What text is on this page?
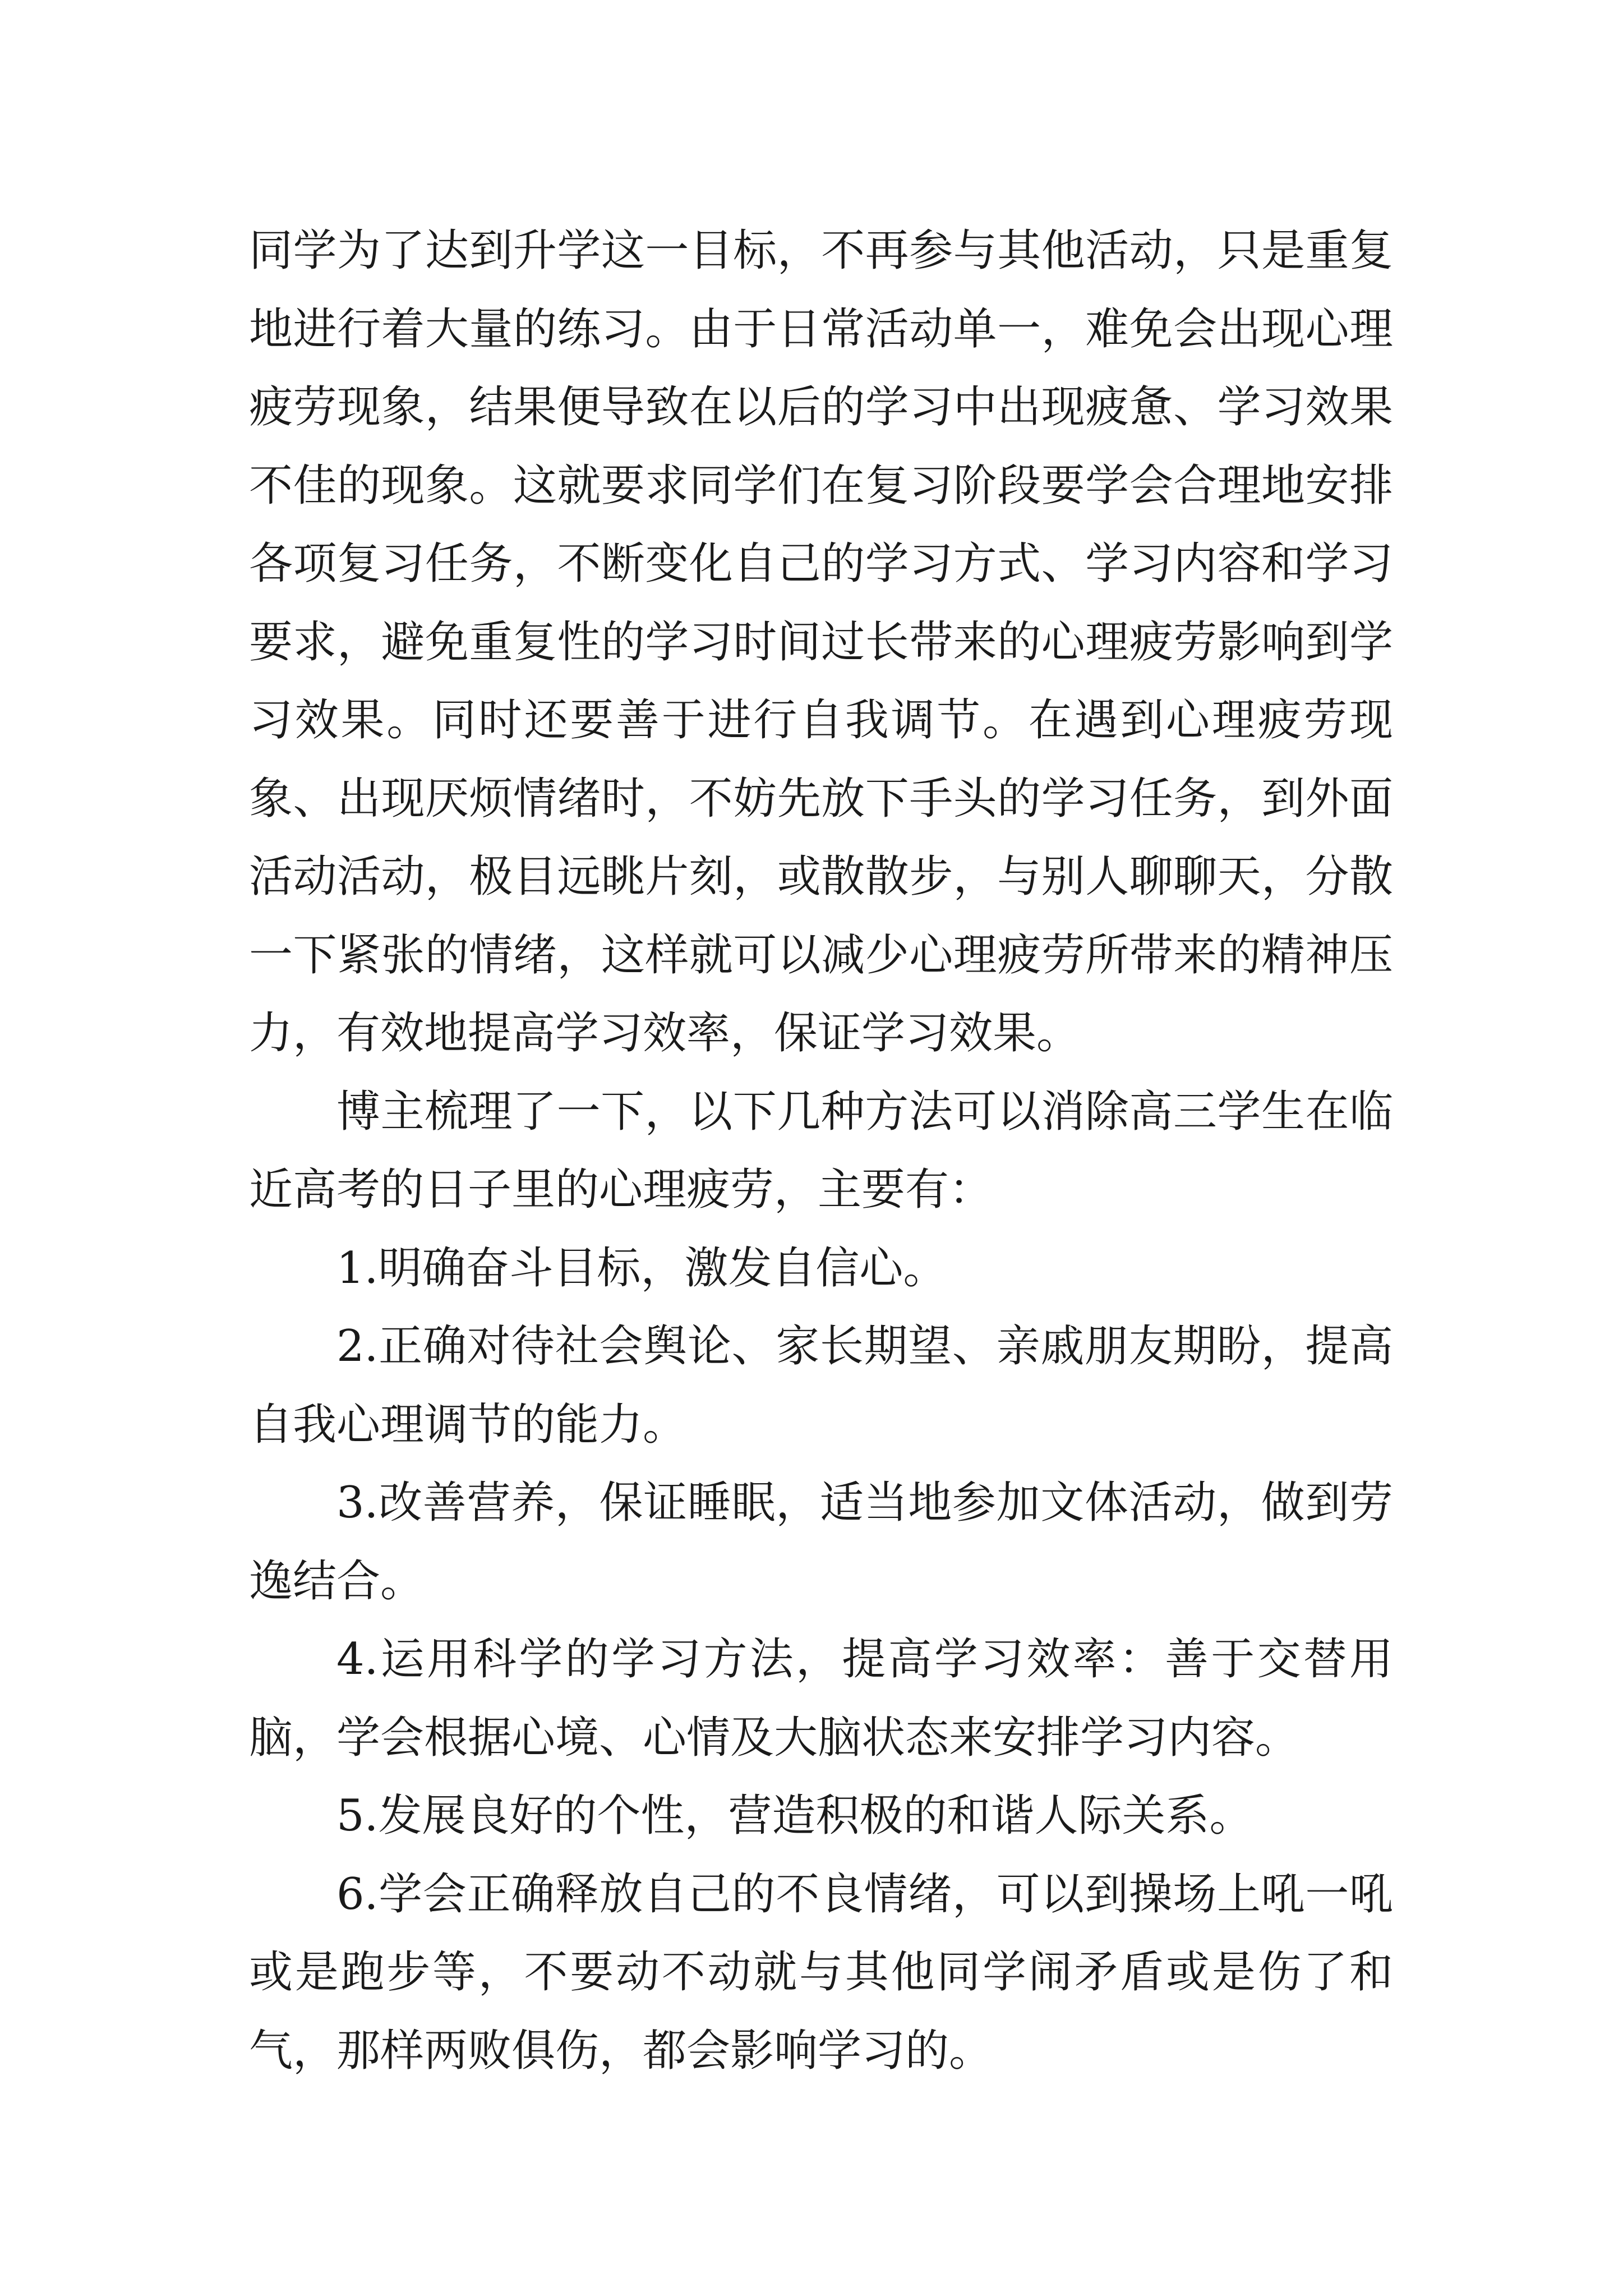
同学为了达到升学这一目标，不再参与其他活动，只是重复地进行着大量的练习。由于日常活动单一，难免会出现心理疲劳现象，结果便导致在以后的学习中出现疲惫、学习效果不佳的现象。这就要求同学们在复习阶段要学会合理地安排各项复习任务，不断变化自己的学习方式、学习内容和学习要求，避免重复性的学习时间过长带来的心理疲劳影响到学习效果。同时还要善于进行自我调节。在遇到心理疲劳现象、出现厌烦情绪时，不妨先放下手头的学习任务，到外面活动活动，极目远眺片刻，或散散步，与别人聊聊天，分散一下紧张的情绪，这样就可以减少心理疲劳所带来的精神压力，有效地提高学习效率，保证学习效果。

博主梳理了一下，以下几种方法可以消除高三学生在临近高考的日子里的心理疲劳，主要有：

1.明确奋斗目标，激发自信心。

2.正确对待社会舆论、家长期望、亲戚朋友期盼，提高自我心理调节的能力。

3.改善营养，保证睡眠，适当地参加文体活动，做到劳逸结合。

4.运用科学的学习方法，提高学习效率：善于交替用脑，学会根据心境、心情及大脑状态来安排学习内容。

5.发展良好的个性，营造积极的和谐人际关系。

6.学会正确释放自己的不良情绪，可以到操场上吼一吼或是跑步等，不要动不动就与其他同学闹矛盾或是伤了和气，那样两败俱伤，都会影响学习的。
